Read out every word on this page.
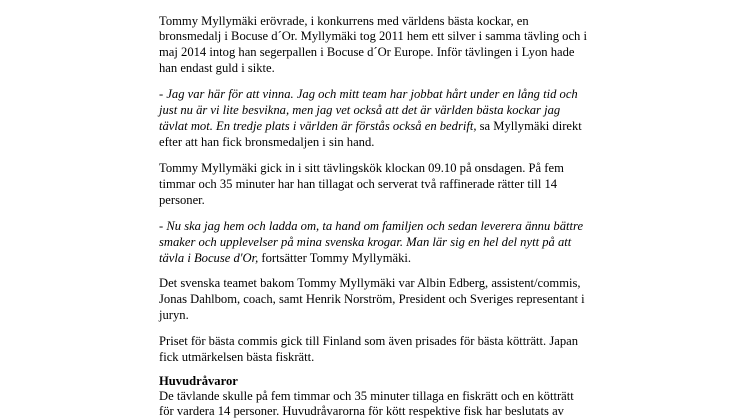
Tommy Myllymäki erövrade, i konkurrens med världens bästa kockar, en
bronsmedalj i Bocuse d´Or. Myllymäki tog 2011 hem ett silver i samma tävling och i
maj 2014 intog han segerpallen i Bocuse d´Or Europe. Inför tävlingen i Lyon hade
han endast guld i sikte.
- Jag var här för att vinna. Jag och mitt team har jobbat hårt under en lång tid och
just nu är vi lite besvikna, men jag vet också att det är världen bästa kockar jag
tävlat mot. En tredje plats i världen är förstås också en bedrift, sa Myllymäki direkt
efter att han fick bronsmedaljen i sin hand.
Tommy Myllymäki gick in i sitt tävlingskök klockan 09.10 på onsdagen. På fem
timmar och 35 minuter har han tillagat och serverat två raffinerade rätter till 14
personer.
- Nu ska jag hem och ladda om, ta hand om familjen och sedan leverera ännu bättre
smaker och upplevelser på mina svenska krogar. Man lär sig en hel del nytt på att
tävla i Bocuse d'Or, fortsätter Tommy Myllymäki.
Det svenska teamet bakom Tommy Myllymäki var Albin Edberg, assistent/commis,
Jonas Dahlbom, coach, samt Henrik Norström, President och Sveriges representant i
juryn.
Priset för bästa commis gick till Finland som även prisades för bästa kötträtt. Japan
fick utmärkelsen bästa fiskrätt.
Huvudråvaror
De tävlande skulle på fem timmar och 35 minuter tillaga en fiskrätt och en kötträtt
för vardera 14 personer. Huvudråvarorna för kött respektive fisk har beslutats av
